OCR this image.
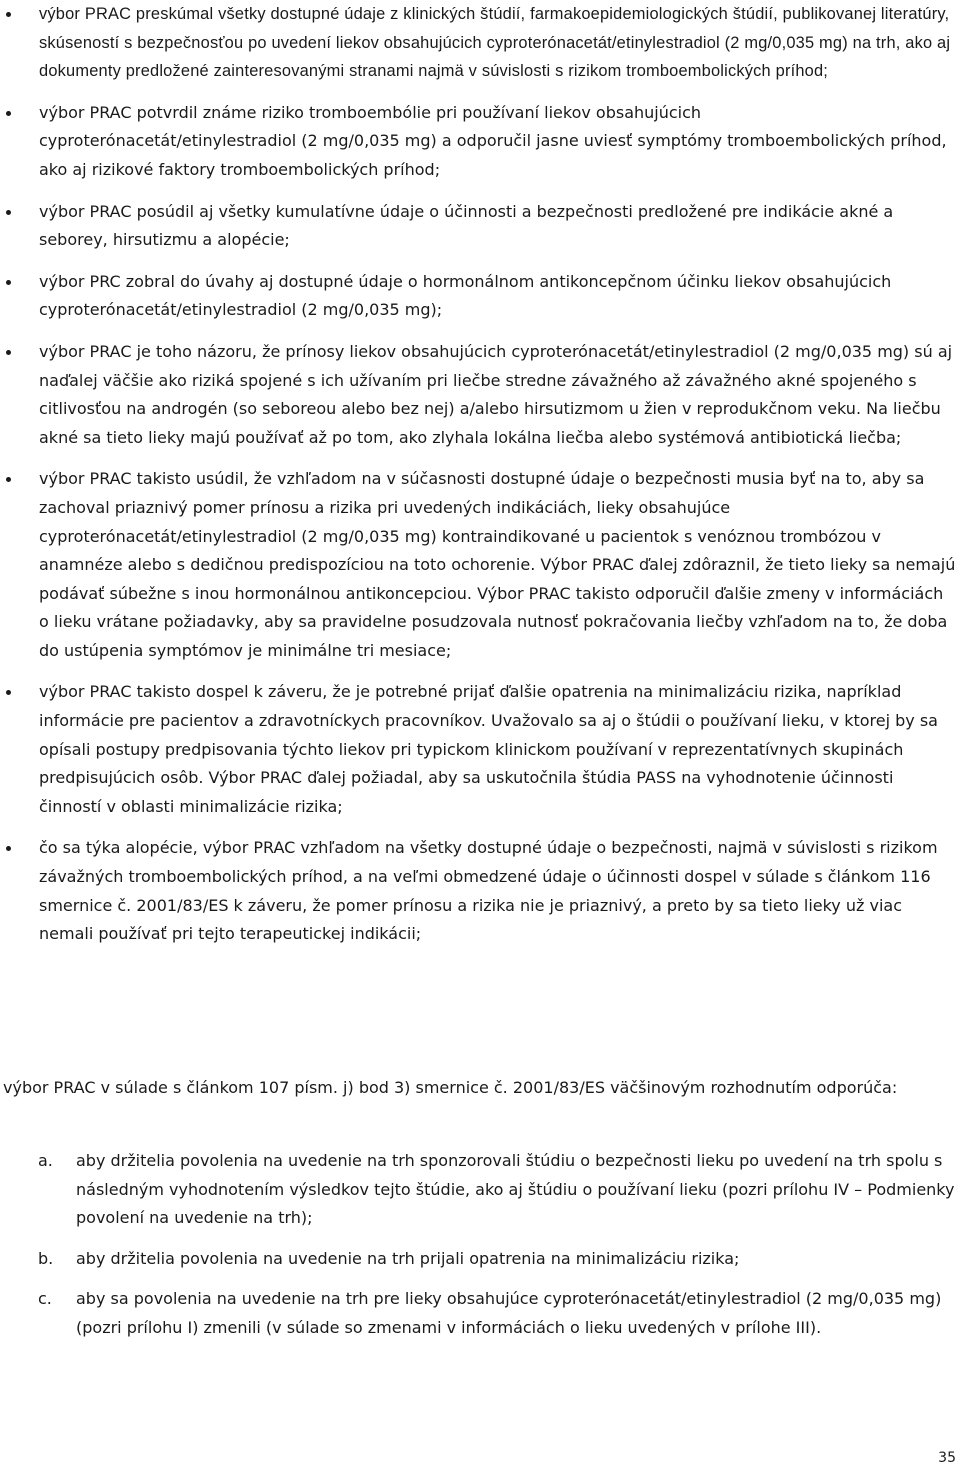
výbor PRAC preskúmal všetky dostupné údaje z klinických štúdií, farmakoepidemiologických štúdií, publikovanej literatúry, skúseností s bezpečnosťou po uvedení liekov obsahujúcich cyproterónacetát/etinylestradiol (2 mg/0,035 mg) na trh, ako aj dokumenty predložené zainteresovanými stranami najmä v súvislosti s rizikom tromboembolických príhod;
výbor PRAC potvrdil známe riziko tromboembólie pri používaní liekov obsahujúcich cyproterónacetát/etinylestradiol (2 mg/0,035 mg) a odporučil jasne uviesť symptómy tromboembolických príhod, ako aj rizikové faktory tromboembolických príhod;
výbor PRAC posúdil aj všetky kumulatívne údaje o účinnosti a bezpečnosti predložené pre indikácie akné a seborey, hirsutizmu a alopécie;
výbor PRC zobral do úvahy aj dostupné údaje o hormonálnom antikoncepčnom účinku liekov obsahujúcich cyproterónacetát/etinylestradiol (2 mg/0,035 mg);
výbor PRAC je toho názoru, že prínosy liekov obsahujúcich cyproterónacetát/etinylestradiol (2 mg/0,035 mg) sú aj naďalej väčšie ako riziká spojené s ich užívaním pri liečbe stredne závažného až závažného akné spojeného s citlivosťou na androgén (so seboreou alebo bez nej) a/alebo hirsutizmom u žien v reprodukčnom veku. Na liečbu akné sa tieto lieky majú používať až po tom, ako zlyhala lokálna liečba alebo systémová antibiotická liečba;
výbor PRAC takisto usúdil, že vzhľadom na v súčasnosti dostupné údaje o bezpečnosti musia byť na to, aby sa zachoval priaznivý pomer prínosu a rizika pri uvedených indikáciách, lieky obsahujúce cyproterónacetát/etinylestradiol (2 mg/0,035 mg) kontraindikované u pacientok s venóznou trombózou v anamnéze alebo s dedičnou predispozíciou na toto ochorenie. Výbor PRAC ďalej zdôraznil, že tieto lieky sa nemajú podávať súbežne s inou hormonálnou antikoncepciou. Výbor PRAC takisto odporučil ďalšie zmeny v informáciách o lieku vrátane požiadavky, aby sa pravidelne posudzovala nutnosť pokračovania liečby vzhľadom na to, že doba do ustúpenia symptómov je minimálne tri mesiace;
výbor PRAC takisto dospel k záveru, že je potrebné prijať ďalšie opatrenia na minimalizáciu rizika, napríklad informácie pre pacientov a zdravotníckych pracovníkov. Uvažovalo sa aj o štúdii o používaní lieku, v ktorej by sa opísali postupy predpisovania týchto liekov pri typickom klinickom používaní v reprezentatívnych skupinách predpisujúcich osôb. Výbor PRAC ďalej požiadal, aby sa uskutočnila štúdia PASS na vyhodnotenie účinnosti činností v oblasti minimalizácie rizika;
čo sa týka alopécie, výbor PRAC vzhľadom na všetky dostupné údaje o bezpečnosti, najmä v súvislosti s rizikom závažných tromboembolických príhod, a na veľmi obmedzené údaje o účinnosti dospel v súlade s článkom 116 smernice č. 2001/83/ES k záveru, že pomer prínosu a rizika nie je priaznivý, a preto by sa tieto lieky už viac nemali používať pri tejto terapeutickej indikácii;

výbor PRAC v súlade s článkom 107 písm. j) bod 3) smernice č. 2001/83/ES väčšinovým rozhodnutím odporúča:

a. aby držitelia povolenia na uvedenie na trh sponzorovali štúdiu o bezpečnosti lieku po uvedení na trh spolu s následným vyhodnotením výsledkov tejto štúdie, ako aj štúdiu o používaní lieku (pozri prílohu IV – Podmienky povolení na uvedenie na trh);
b. aby držitelia povolenia na uvedenie na trh prijali opatrenia na minimalizáciu rizika;
c. aby sa povolenia na uvedenie na trh pre lieky obsahujúce cyproterónacetát/etinylestradiol (2 mg/0,035 mg) (pozri prílohu I) zmenili (v súlade so zmenami v informáciách o lieku uvedených v prílohe III).
35
